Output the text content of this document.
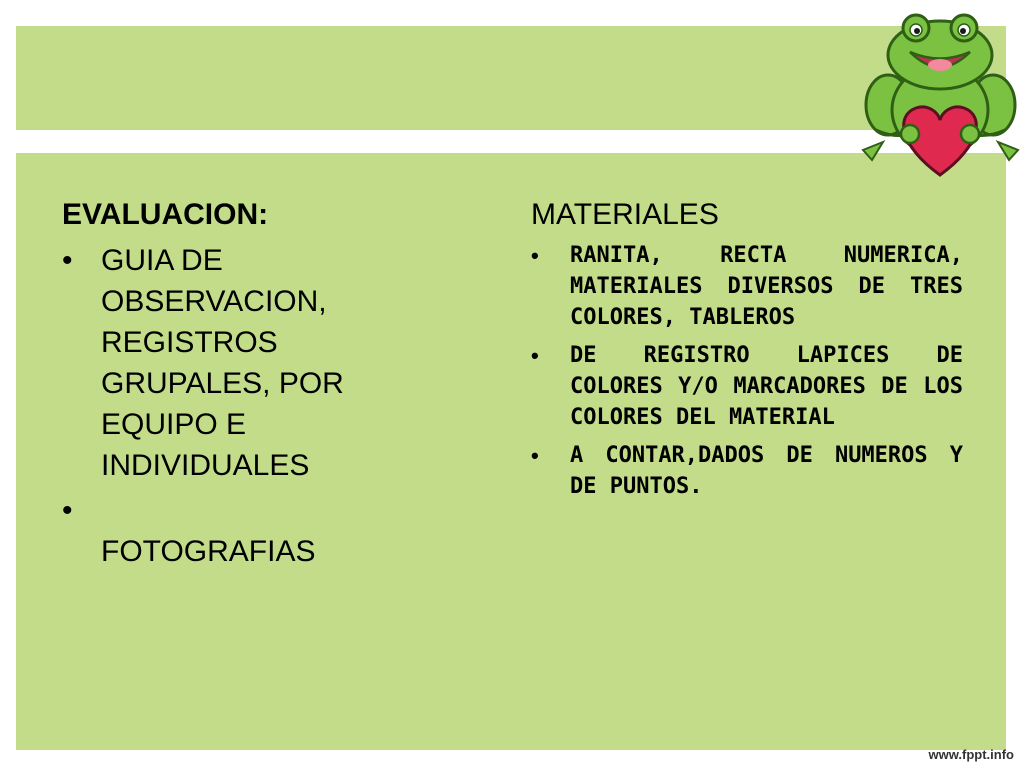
EVALUACION:
• GUIA DE OBSERVACION, REGISTROS GRUPALES, POR EQUIPO E INDIVIDUALES
•

FOTOGRAFIAS
MATERIALES
• RANITA, RECTA NUMERICA, MATERIALES DIVERSOS DE TRES COLORES, TABLEROS
• DE REGISTRO LAPICES DE COLORES Y/O MARCADORES DE LOS COLORES DEL MATERIAL
• A CONTAR,DADOS DE NUMEROS Y DE PUNTOS.
www.fppt.info
